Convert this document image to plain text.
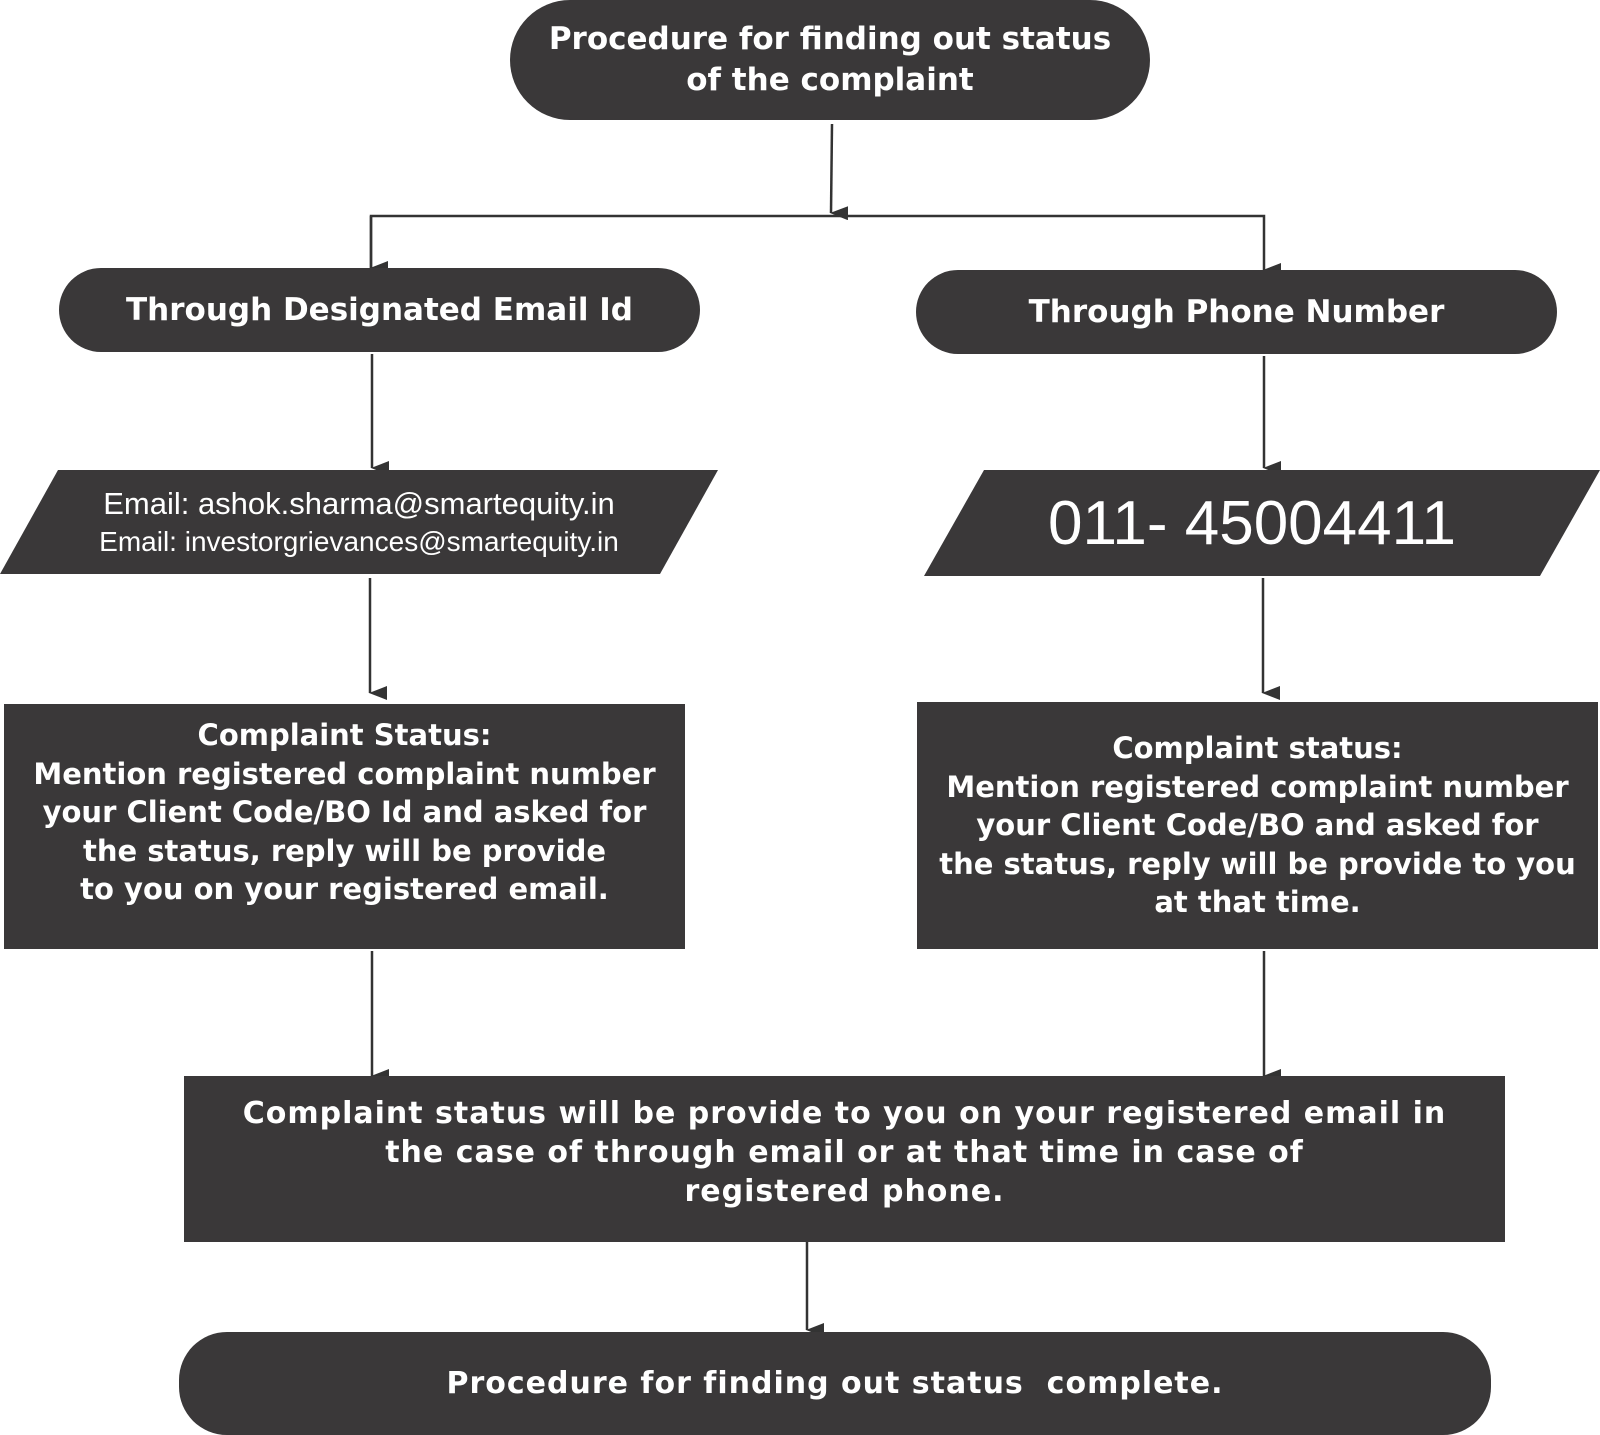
Procedure for finding out status
of the complaint
Through Designated Email Id	Through Phone Number
Email: ashok.sharma@smartequity.in
Email: investorgrievances@smartequity.in	011- 45004411
Complaint Status:
Mention registered complaint number
your Client Code/BO Id and asked for
the status, reply will be provide
to you on your registered email.
Complaint status:
Mention registered complaint number
your Client Code/BO and asked for
the status, reply will be provide to you
at that time.
Complaint status will be provide to you on your registered email in
the case of through email or at that time in case of
registered phone.
Procedure for finding out status  complete.
